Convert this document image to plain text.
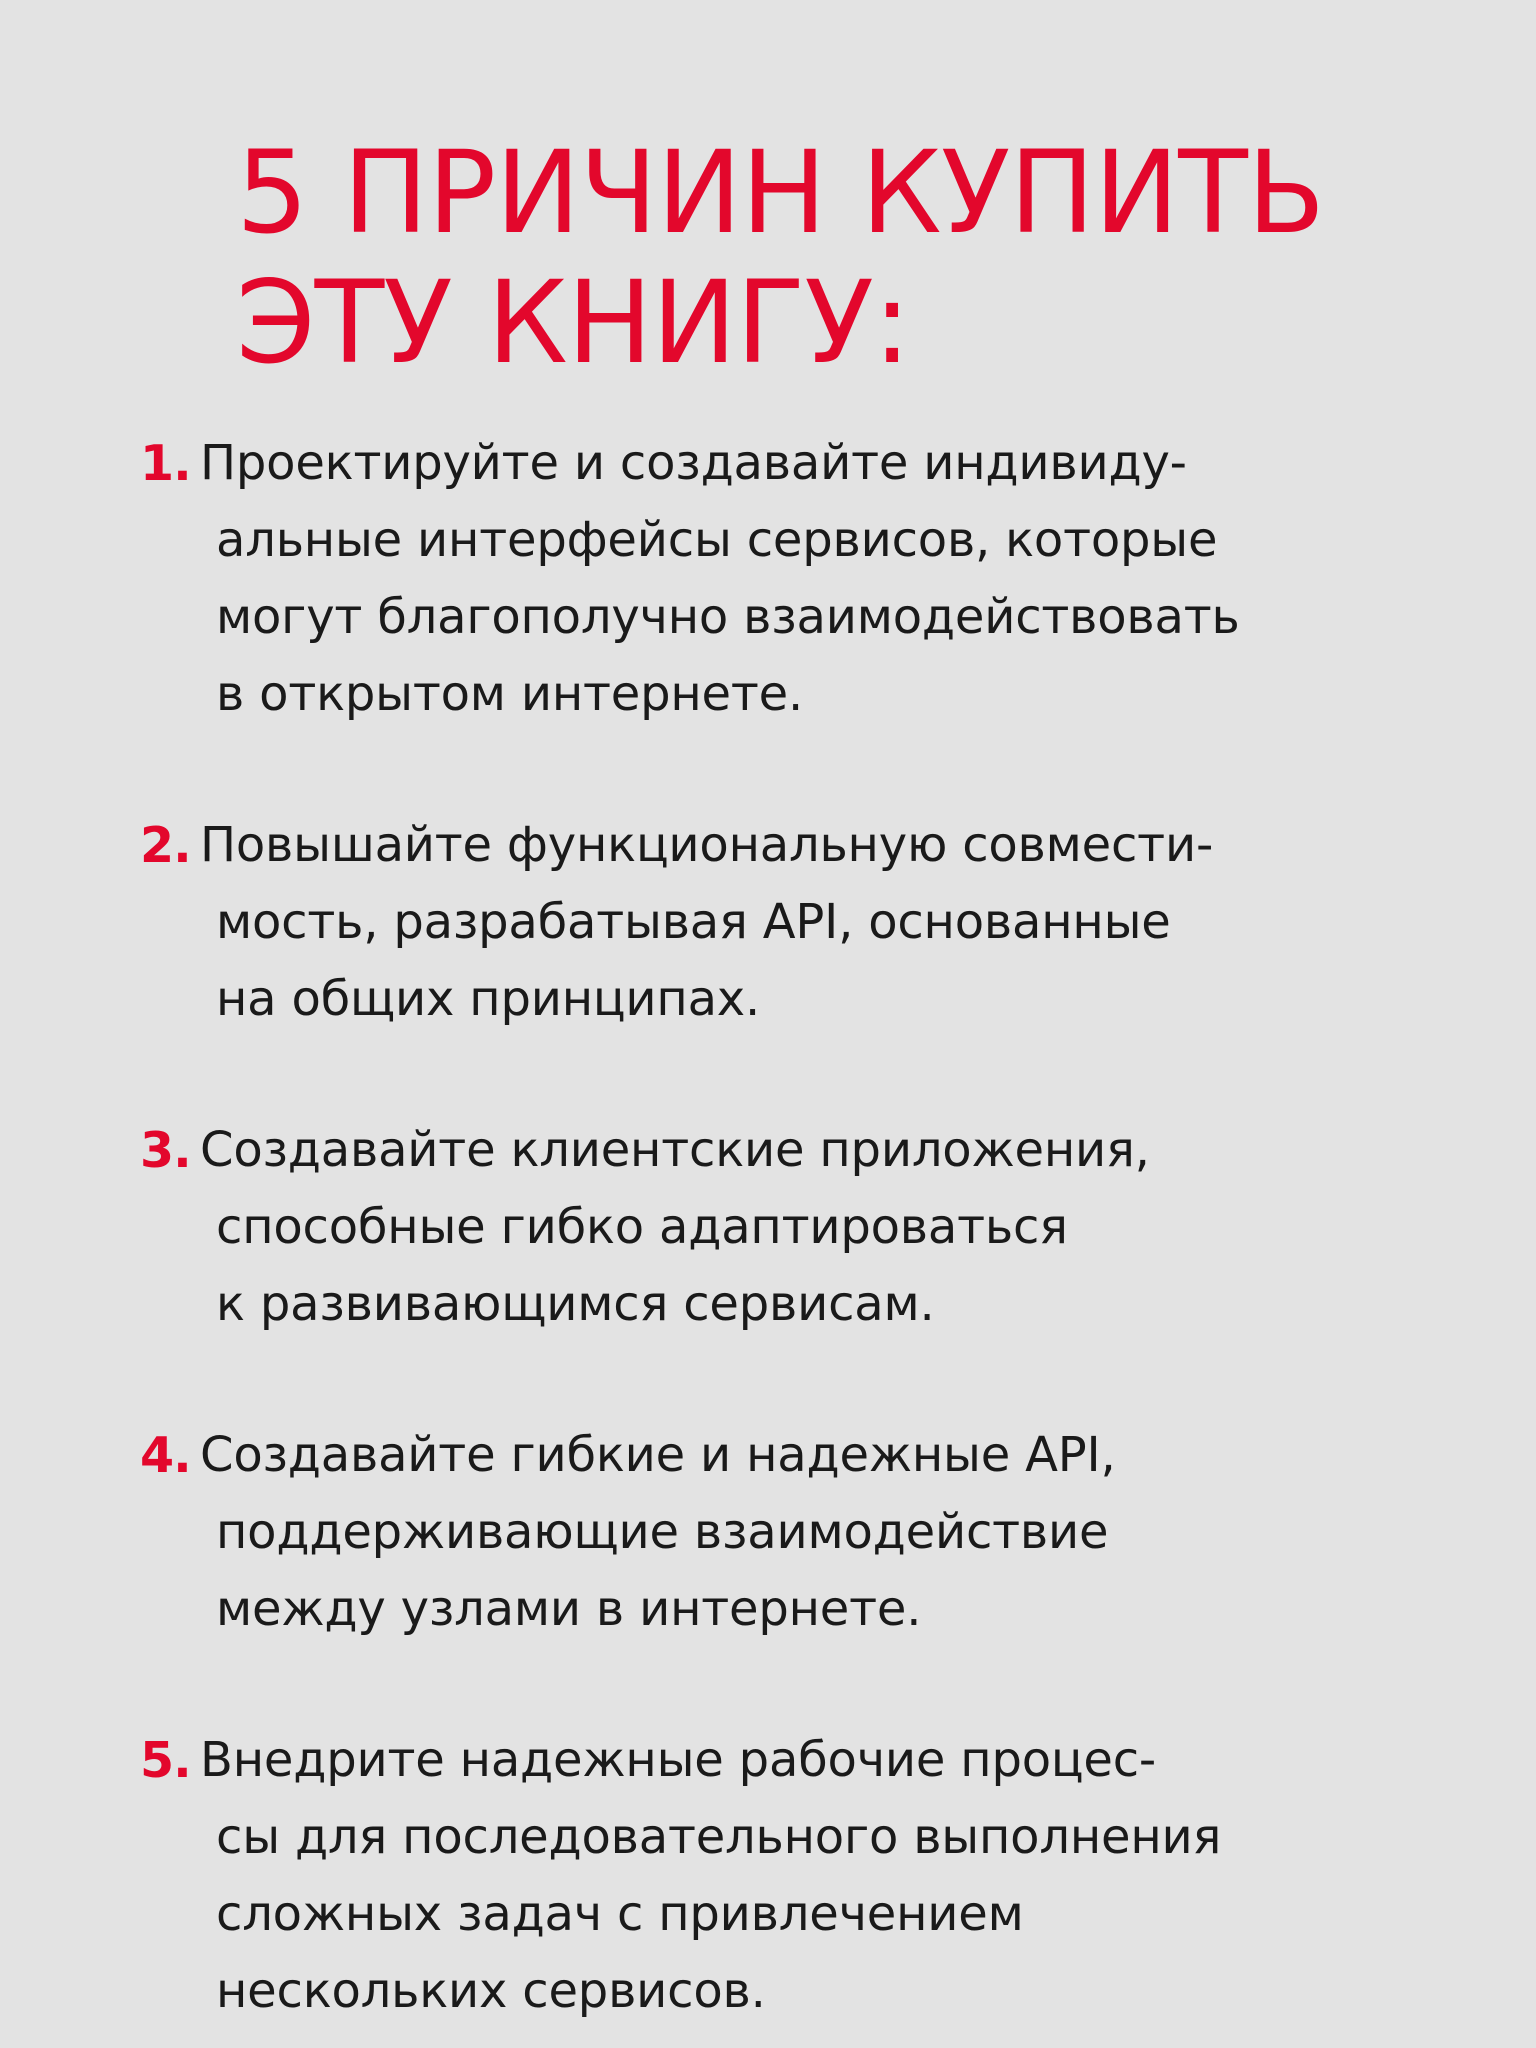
5 ПРИЧИН КУПИТЬ
ЭТУ КНИГУ:
1. Проектируйте и создавайте индивиду-
альные интерфейсы сервисов, которые
могут благополучно взаимодействовать
в открытом интернете.
2. Повышайте функциональную совмести-
мость, разрабатывая API, основанные
на общих принципах.
3. Создавайте клиентские приложения,
способные гибко адаптироваться
к развивающимся сервисам.
4. Создавайте гибкие и надежные API,
поддерживающие взаимодействие
между узлами в интернете.
5. Внедрите надежные рабочие процес-
сы для последовательного выполнения
сложных задач с привлечением
нескольких сервисов.
